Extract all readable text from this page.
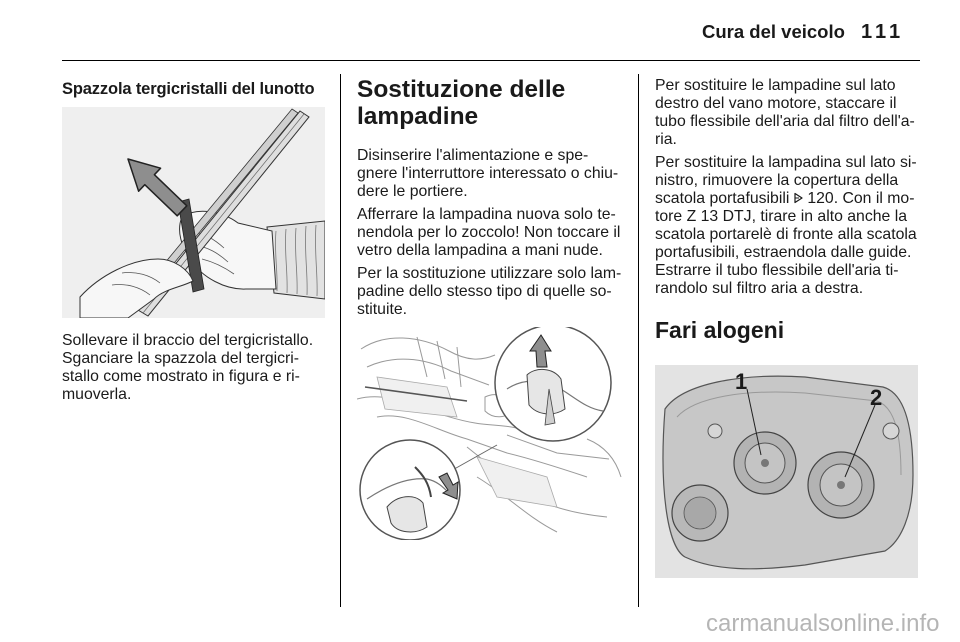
Cura del veicolo 111
Spazzola tergicristalli del lunotto
Sollevare il braccio del tergicristallo.
Sganciare la spazzola del tergicri-
stallo come mostrato in figura e ri-
muoverla.
Sostituzione delle
lampadine
Disinserire l'alimentazione e spe-
gnere l'interruttore interessato o chiu-
dere le portiere.
Afferrare la lampadina nuova solo te-
nendola per lo zoccolo! Non toccare il
vetro della lampadina a mani nude.
Per la sostituzione utilizzare solo lam-
padine dello stesso tipo di quelle so-
stituite.
Per sostituire le lampadine sul lato
destro del vano motore, staccare il
tubo flessibile dell'aria dal filtro dell'a-
ria.
Per sostituire la lampadina sul lato si-
nistro, rimuovere la copertura della
scatola portafusibili 120. Con il mo-
tore Z 13 DTJ, tirare in alto anche la
scatola portarelè di fronte alla scatola
portafusibili, estraendola dalle guide.
Estrarre il tubo flessibile dell'aria ti-
randolo sul filtro aria a destra.
Fari alogeni
1
2
carmanualsonline.info
